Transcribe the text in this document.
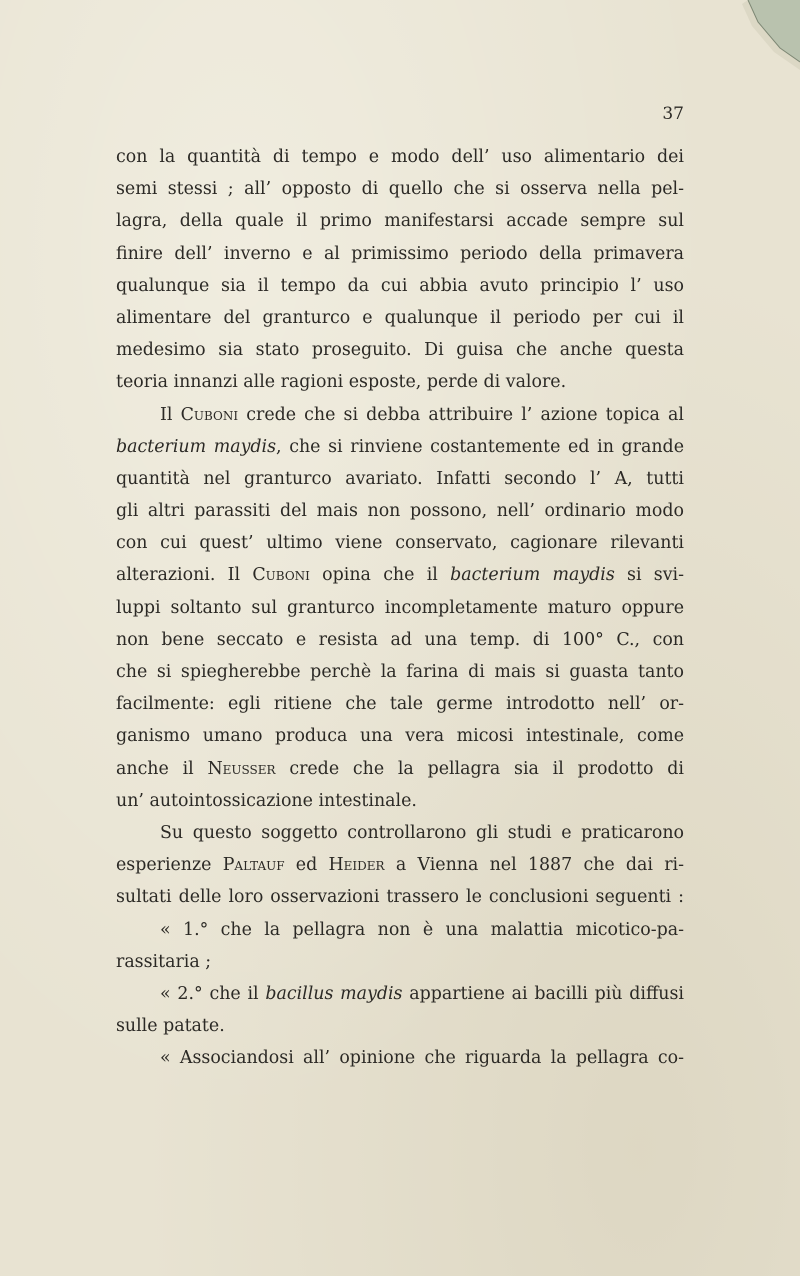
37
con la quantità di tempo e modo dell’ uso alimentario dei
semi stessi ; all’ opposto di quello che si osserva nella pel-
lagra, della quale il primo manifestarsi accade sempre sul
finire dell’ inverno e al primissimo periodo della primavera
qualunque sia il tempo da cui abbia avuto principio l’ uso
alimentare del granturco e qualunque il periodo per cui il
medesimo sia stato proseguito. Di guisa che anche questa
teoria innanzi alle ragioni esposte, perde di valore.
Il Cuboni crede che si debba attribuire l’ azione topica al
bacterium maydis, che si rinviene costantemente ed in grande
quantità nel granturco avariato. Infatti secondo l’ A, tutti
gli altri parassiti del mais non possono, nell’ ordinario modo
con cui quest’ ultimo viene conservato, cagionare rilevanti
alterazioni. Il Cuboni opina che il bacterium maydis si svi-
luppi soltanto sul granturco incompletamente maturo oppure
non bene seccato e resista ad una temp. di 100° C., con
che si spiegherebbe perchè la farina di mais si guasta tanto
facilmente: egli ritiene che tale germe introdotto nell’ or-
ganismo umano produca una vera micosi intestinale, come
anche il Neusser crede che la pellagra sia il prodotto di
un’ autointossicazione intestinale.
Su questo soggetto controllarono gli studi e praticarono
esperienze Paltauf ed Heider a Vienna nel 1887 che dai ri-
sultati delle loro osservazioni trassero le conclusioni seguenti :
« 1.° che la pellagra non è una malattia micotico-pa-
rassitaria ;
« 2.° che il bacillus maydis appartiene ai bacilli più diffusi
sulle patate.
« Associandosi all’ opinione che riguarda la pellagra co-
